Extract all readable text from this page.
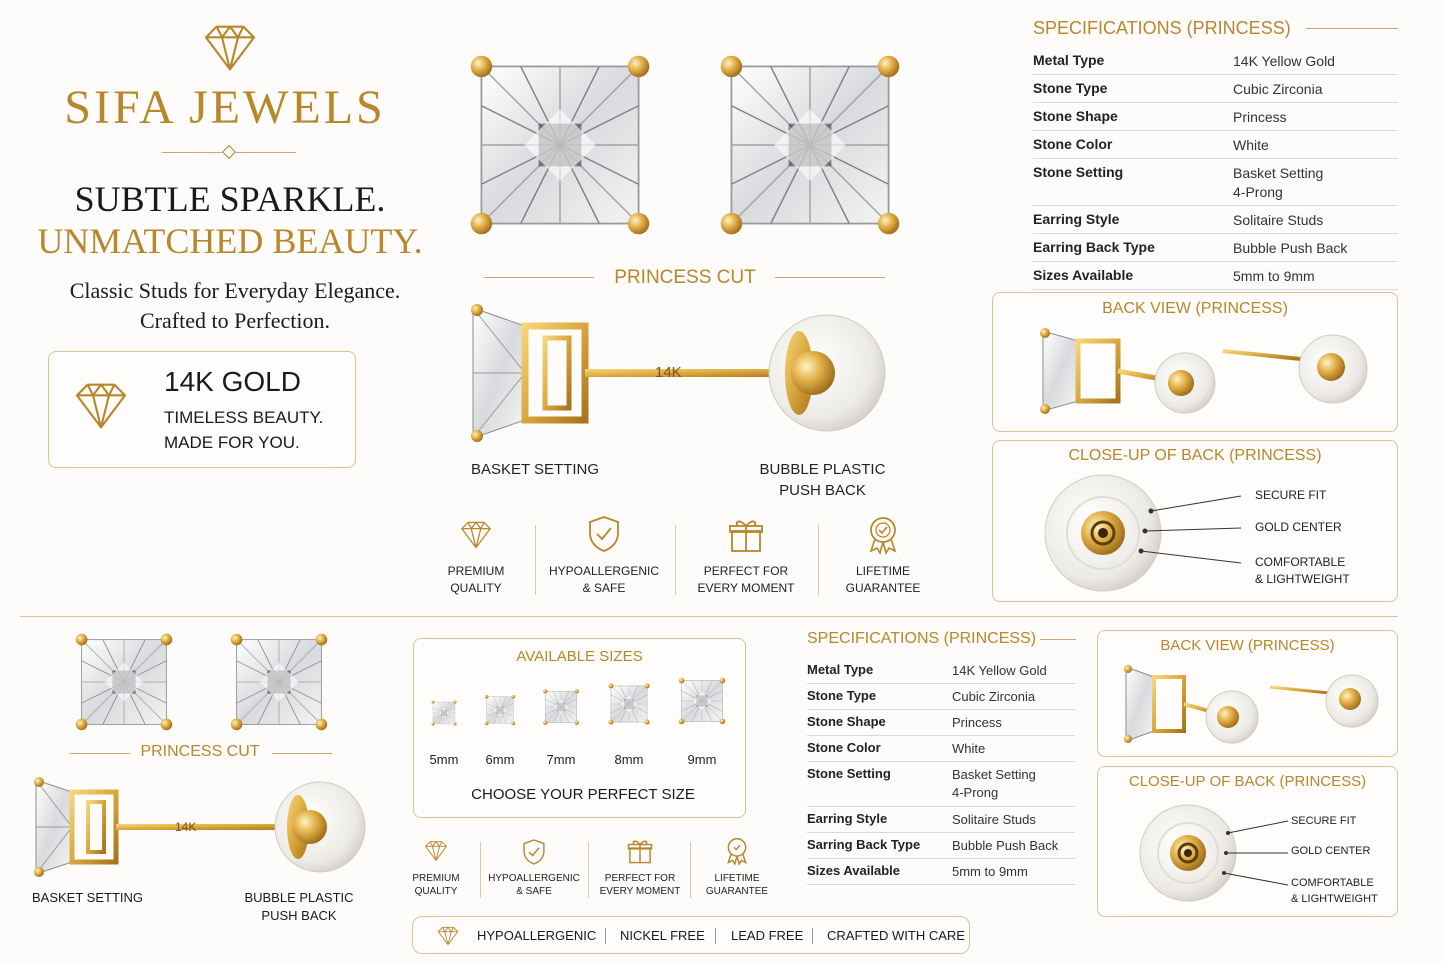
SIFA JEWELS
SUBTLE SPARKLE.
UNMATCHED BEAUTY.
Classic Studs for Everyday Elegance.
Crafted to Perfection.
14K GOLD
TIMELESS BEAUTY.
MADE FOR YOU.
PRINCESS CUT
14K
BASKET SETTING	BUBBLE PLASTIC
PUSH BACK
PREMIUM
QUALITY
HYPOALLERGENIC
& SAFE
PERFECT FOR
EVERY MOMENT
LIFETIME
GUARANTEE
SPECIFICATIONS (PRINCESS)
Metal Type	14K Yellow Gold
Stone Type	Cubic Zirconia
Stone Shape	Princess
Stone Color	White
Stone Setting	Basket Setting
4-Prong
Earring Style	Solitaire Studs
Earring Back Type	Bubble Push Back
Sizes Available	5mm to 9mm
BACK VIEW (PRINCESS)
CLOSE-UP OF BACK (PRINCESS)
SECURE FIT
GOLD CENTER
COMFORTABLE
& LIGHTWEIGHT
PRINCESS CUT
14K
BASKET SETTING	BUBBLE PLASTIC
PUSH BACK
AVAILABLE SIZES
5mm	6mm	7mm	8mm	9mm
CHOOSE YOUR PERFECT SIZE
PREMIUM
QUALITY
HYPOALLERGENIC
& SAFE
PERFECT FOR
EVERY MOMENT
LIFETIME
GUARANTEE
HYPOALLERGENIC NICKEL FREE LEAD FREE CRAFTED WITH CARE
SPECIFICATIONS (PRINCESS)
Metal Type	14K Yellow Gold
Stone Type	Cubic Zirconia
Stone Shape	Princess
Stone Color	White
Stone Setting	Basket Setting
4-Prong
Earring Style	Solitaire Studs
Sarring Back Type	Bubble Push Back
Sizes Available	5mm to 9mm
BACK VIEW (PRINCESS)
CLOSE-UP OF BACK (PRINCESS)
SECURE FIT
GOLD CENTER
COMFORTABLE
& LIGHTWEIGHT
